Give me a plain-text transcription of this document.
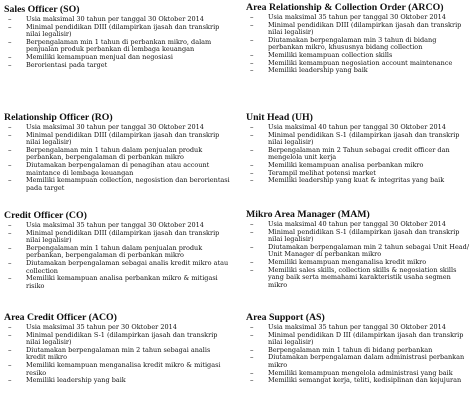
Sales Officer (SO)
– Usia maksimal 30 tahun per tanggal 30 Oktober 2014
– Minimal pendidikan DIII (dilampirkan ijasah dan transkrip nilai legalisir)
– Berpengalaman min 1 tahun di perbankan mikro, dalam penjualan produk perbankan di lembaga keuangan
– Memiliki kemampuan menjual dan negosiasi
– Berorientasi pada target
Area Relationship & Collection Order (ARCO)
– Usia maksimal 35 tahun per tanggal 30 Oktober 2014
– Minimal pendidikan DIII (dilampirkan ijasah dan transkrip nilai legalisir)
– Diutamakan berpengalaman min 3 tahun di bidang perbankan mikro, khususnya bidang collection
– Memiliki kemampuan collection skills
– Memiliki kemampuan negosiation account maintenance
– Memiliki leadership yang baik
Relationship Officer (RO)
– Usia maksimal 30 tahun per tanggal 30 Oktober 2014
– Minimal pendidikan DIII (dilampirkan ijasah dan transkrip nilai legalisir)
– Berpengalaman min 1 tahun dalam penjualan produk perbankan, berpengalaman di perbankan mikro
– Diutamakan berpengalaman di penagihan atau account maintance di lembaga keuangan
– Memiliki kemampuan collection, negosistion dan berorientasi pada target
Unit Head (UH)
– Usia maksimal 40 tahun per tanggal 30 Oktober 2014
– Minimal pendidikan S-1 (dilampirkan ijasah dan transkrip nilai legalisir)
– Berpengalaman min 2 Tahun sebagai credit officer dan mengelola unit kerja
– Memiliki kemampuan analisa perbankan mikro
– Terampil melihat potensi market
– Memiliki leadership yang kuat & integritas yang baik
Credit Officer (CO)
– Usia maksimal 35 tahun per tanggal 30 Oktober 2014
– Minimal pendidikan DIII (dilampirkan ijasah dan transkrip nilai legalisir)
– Berpengalaman min 1 tahun dalam penjualan produk perbankan, berpengalaman di perbankan mikro
– Diutamakan berpengalaman sebagai analis kredit mikro atau collection
– Memiliki kemampuan analisa perbankan mikro & mitigasi risiko
Mikro Area Manager (MAM)
– Usia maksimal 40 tahun per tanggal 30 Oktober 2014
– Minimal pendidikan S-1 (dilampirkan ijasah dan transkrip nilai legalisir)
– Diutamakan berpengalaman min 2 tahun sebagai Unit Head/ Unit Manager di perbankan mikro
– Memiliki kemampuan menganalisa kredit mikro
– Memiliki sales skills, collection skills & negosiation skills yang baik serta memahami karakteristik usaha segmen mikro
Area Credit Officer (ACO)
– Usia maksimal 35 tahun per 30 Oktober 2014
– Minimal pendidikan S-1 (dilampirkan ijasah dan transkrip nilai legalisir)
– Diutamakan berpengalaman min 2 tahun sebagai analis kredit mikro
– Memiliki kemampuan menganalisa kredit mikro & mitigasi resiko
– Memiliki leadership yang baik
Area Support (AS)
– Usia maksimal 35 tahun per tanggal 30 Oktober 2014
– Minimal pendidikan D III (dilampirkan ijasah dan transkrip nilai legalisir)
– Berpengalaman min 1 tahun di bidang perbankan
– Diutamakan berpengalaman dalam administrasi perbankan mikro
– Memiliki kemampuan mengelola administrasi yang baik
– Memiliki semangat kerja, teliti, kedisiplinan dan kejujuran
